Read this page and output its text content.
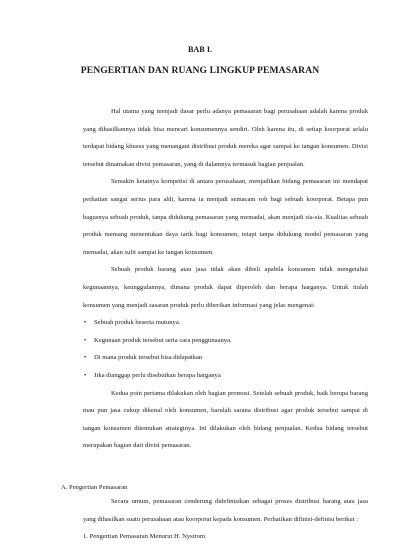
BAB I.
PENGERTIAN DAN RUANG LINGKUP PEMASARAN

Hal utama yang menjadi dasar perlu adanya pemasaran bagi perusahaan adalah karena produk yang dihasilkannya tidak bisa mencari konsumennya sendiri. Oleh karena itu, di setiap koorporat selalu terdapat bidang khusus yang menangani distribusi produk mereka agar sampai ke tangan konsumen. Divisi tersebut dinamakan divisi pemasaran, yang di dalamnya termasuk bagian penjualan.

Semakin ketatnya kompetisi di antara perusahaan, menjadikan bidang pemasaran ini mendapat perhatian sangat serius para ahli, karena ia menjadi semacam roh bagi sebuah koorporat. Betapa pun bagusnya sebuah produk, tanpa didukung pemasaran yang memadai, akan menjadi sia-sia. Kualitas sebuah produk memang menentukan daya tarik bagi konsumen, tetapi tanpa didukung model pemasaran yang memadai, akan sulit sampai ke tangan konsumen.

Sebuah produk barang atau jasa tidak akan dibeli apabila konsumen tidak mengetahui kegunaannya, keunggulannya, dimana produk dapat diperoleh dan berapa harganya. Untuk itulah konsumen yang menjadi sasaran produk perlu diberikan informasi yang jelas mengenai:

• Sebuah produk beserta mutunya.
• Kegunaan produk tersebut serta cara penggunaanya.
• Di mana produk tersebut bisa didapatkan
• Jika dianggap perlu disebutkan berapa harganya

Kedua poin pertama dilakukan oleh bagian promosi. Setelah sebuah produk, baik berupa barang mau pun jasa cukup dikenal oleh konsumen, barulah sarana distribusi agar produk tersebut sampai di tangan konsumen ditentukan strateginya. Ini dilakukan oleh bidang penjualan. Kedua bidang tersebut merupakan bagian dari divisi pemasaran.

A. Pengertian Pemasaran

Secara umum, pemasaran cenderung didefinisikan sebagai proses distribusi barang atau jasa yang dihasilkan suatu perusahaan atau koorporat kepada konsumen. Perhatikan difinisi-definisi berikut :

1. Pengertian Pemasaran Menurut H. Nystrom
